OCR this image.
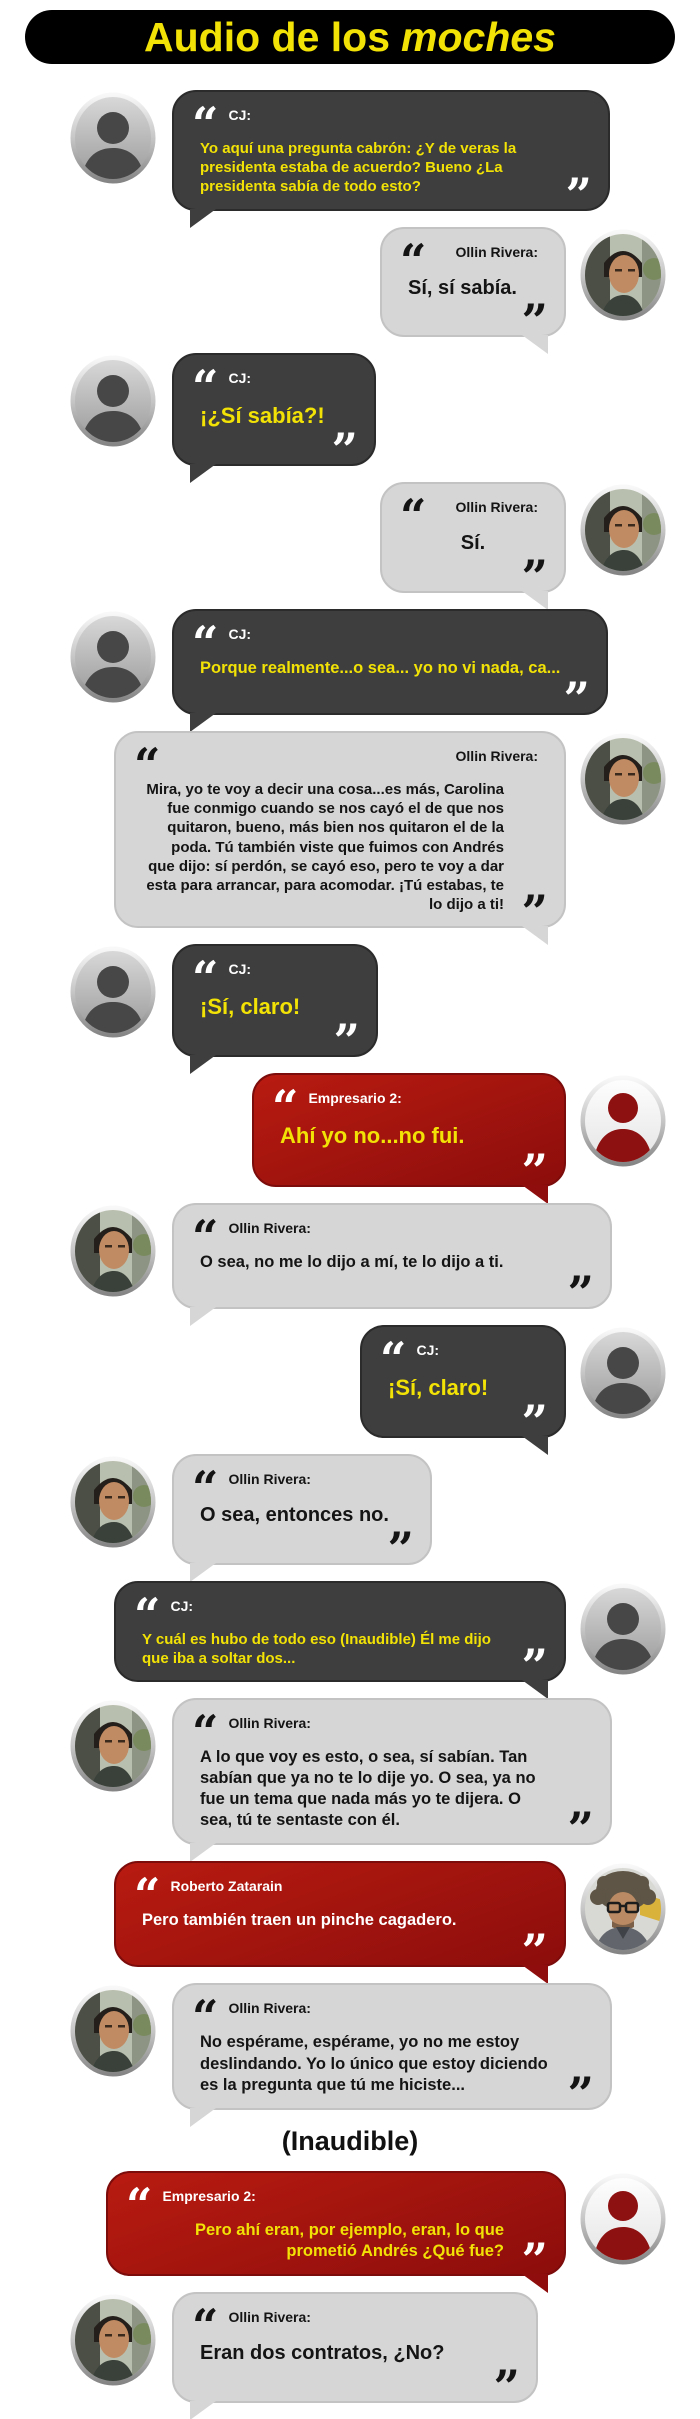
Audio de los moches
“ CJ:
Yo aquí una pregunta cabrón: ¿Y de veras la presidenta estaba de acuerdo? Bueno ¿La presidenta sabía de todo esto?	”
“ Ollin Rivera:
Sí, sí sabía.
”
“ CJ:
¡¿Sí sabía?!
”
“ Ollin Rivera:
Sí.
”
“ CJ:
Porque realmente...o sea... yo no vi nada, ca...
”
“	Ollin Rivera:
Mira, yo te voy a decir una cosa...es más, Carolina fue conmigo cuando se nos cayó el de que nos quitaron, bueno, más bien nos quitaron el de la poda. Tú también viste que fuimos con Andrés que dijo: sí perdón, se cayó eso, pero te voy a dar esta para arrancar, para acomodar. ¡Tú estabas, te lo dijo a ti! ”
“ CJ:
¡Sí, claro!
”
“ Empresario 2:
Ahí yo no...no fui.
”
“ Ollin Rivera:
O sea, no me lo dijo a mí, te lo dijo a ti.
”
“ CJ:
¡Sí, claro!
”
“ Ollin Rivera:
O sea, entonces no.
”
“ CJ:
Y cuál es hubo de todo eso (Inaudible) Él me dijo que iba a soltar dos...	”
“ Ollin Rivera:
A lo que voy es esto, o sea, sí sabían. Tan sabían que ya no te lo dije yo. O sea, ya no fue un tema que nada más yo te dijera. O sea, tú te sentaste con él.	”
“ Roberto Zatarain
Pero también traen un pinche cagadero.
”
“ Ollin Rivera:
No espérame, espérame, yo no me estoy deslindando. Yo lo único que estoy diciendo es la pregunta que tú me hiciste...	”
(Inaudible)
“ Empresario 2:
Pero ahí eran, por ejemplo, eran, lo que prometió Andrés ¿Qué fue? ”
“ Ollin Rivera:
Eran dos contratos, ¿No?
”
